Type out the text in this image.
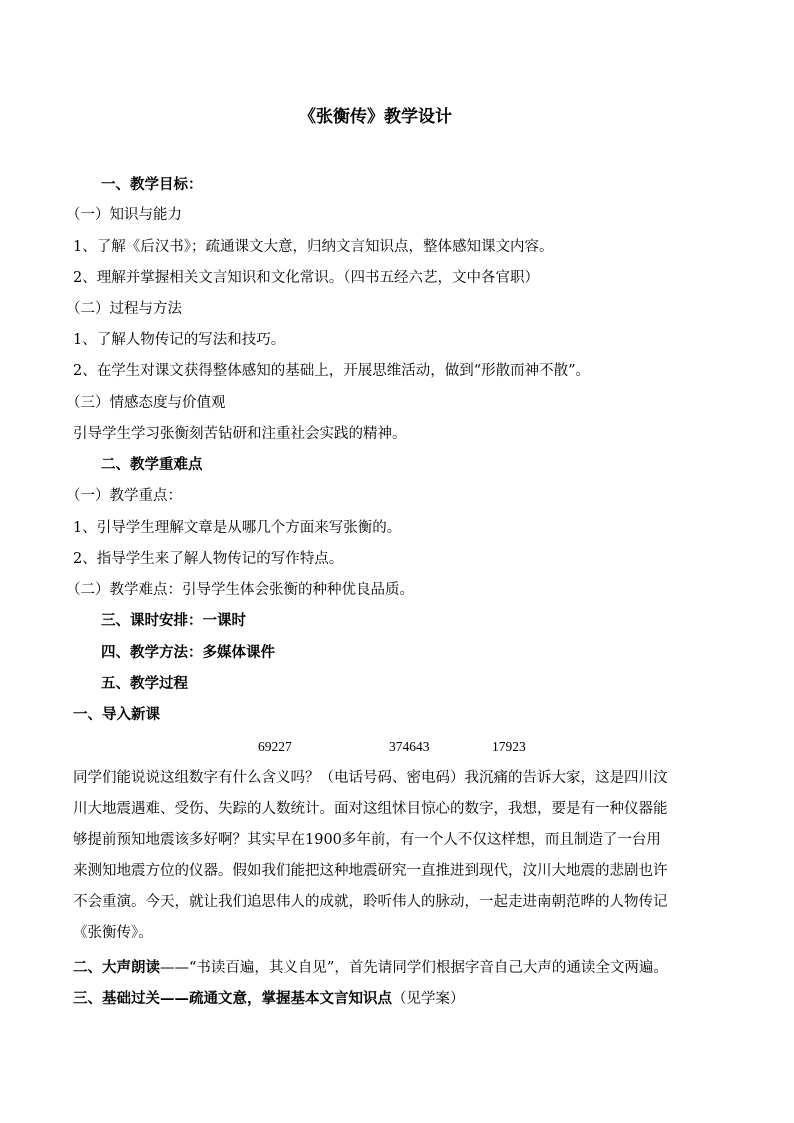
《张衡传》教学设计
一、教学目标：
（一）知识与能力
1、了解《后汉书》；疏通课文大意，归纳文言知识点，整体感知课文内容。
2、理解并掌握相关文言知识和文化常识。（四书五经六艺，文中各官职）
（二）过程与方法
1、了解人物传记的写法和技巧。
2、在学生对课文获得整体感知的基础上，开展思维活动，做到“形散而神不散”。
（三）情感态度与价值观
引导学生学习张衡刻苦钻研和注重社会实践的精神。
二、教学重难点
（一）教学重点：
1、引导学生理解文章是从哪几个方面来写张衡的。
2、指导学生来了解人物传记的写作特点。
（二）教学难点：引导学生体会张衡的种种优良品质。
三、课时安排：一课时
四、教学方法：多媒体课件
五、教学过程
一、导入新课
69227	374643	17923
同学们能说说这组数字有什么含义吗？（电话号码、密电码）我沉痛的告诉大家，这是四川汶
川大地震遇难、受伤、失踪的人数统计。面对这组怵目惊心的数字，我想，要是有一种仪器能
够提前预知地震该多好啊？其实早在1900多年前，有一个人不仅这样想，而且制造了一台用
来测知地震方位的仪器。假如我们能把这种地震研究一直推进到现代，汶川大地震的悲剧也许
不会重演。今天，就让我们追思伟人的成就，聆听伟人的脉动，一起走进南朝范晔的人物传记
《张衡传》。
二、大声朗读——“书读百遍，其义自见”，首先请同学们根据字音自己大声的通读全文两遍。
三、基础过关——疏通文意，掌握基本文言知识点（见学案）
